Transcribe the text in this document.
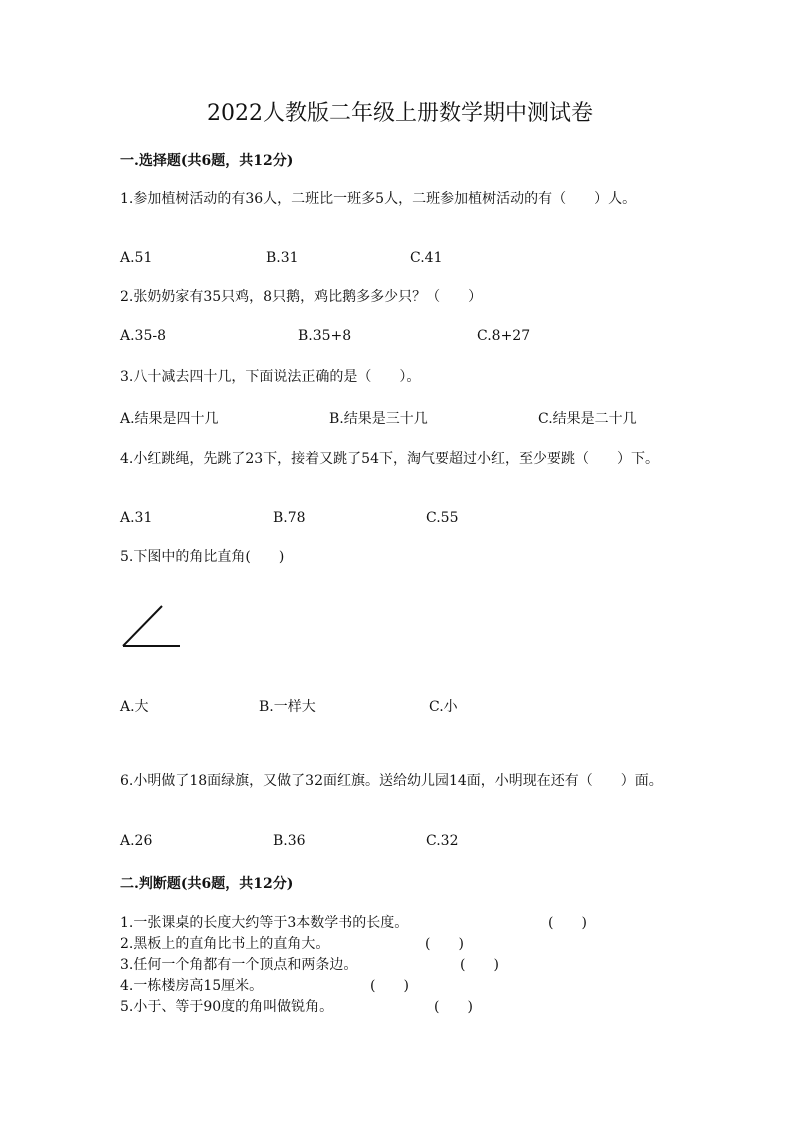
2022人教版二年级上册数学期中测试卷
一.选择题(共6题，共12分)
1.参加植树活动的有36人，二班比一班多5人，二班参加植树活动的有（　　）人。
A.51	B.31	C.41
2.张奶奶家有35只鸡，8只鹅，鸡比鹅多多少只？（　　）
A.35-8	B.35+8	C.8+27
3.八十减去四十几，下面说法正确的是（　　）。
A.结果是四十几	B.结果是三十几	C.结果是二十几
4.小红跳绳，先跳了23下，接着又跳了54下，淘气要超过小红，至少要跳（　　）下。
A.31	B.78	C.55
5.下图中的角比直角(　　)
A.大	B.一样大	C.小
6.小明做了18面绿旗，又做了32面红旗。送给幼儿园14面，小明现在还有（　　）面。
A.26	B.36	C.32
二.判断题(共6题，共12分)
1.一张课桌的长度大约等于3本数学书的长度。	(　　)
2.黑板上的直角比书上的直角大。	(　　)
3.任何一个角都有一个顶点和两条边。	(　　)
4.一栋楼房高15厘米。	(　　)
5.小于、等于90度的角叫做锐角。	(　　)
